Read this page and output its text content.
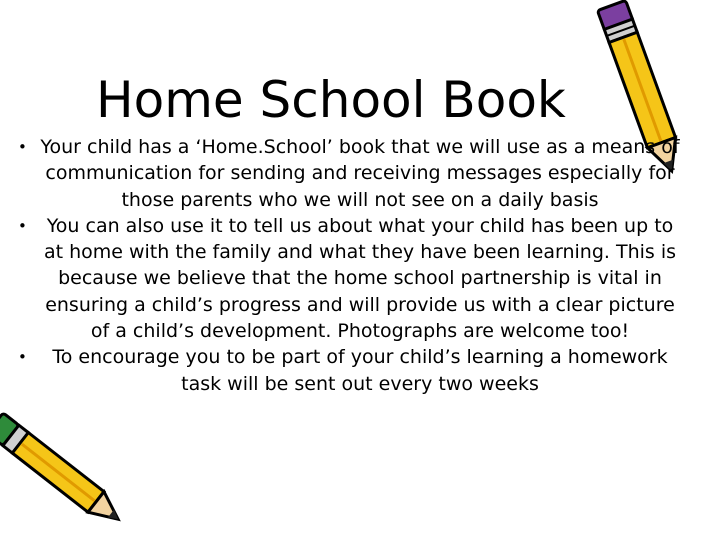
Home School Book
• Your child has a ‘Home.School’ book that we will use as a means of communication for sending and receiving messages especially for those parents who we will not see on a daily basis
• You can also use it to tell us about what your child has been up to at home with the family and what they have been learning. This is because we believe that the home school partnership is vital in ensuring a child’s progress and will provide us with a clear picture of a child’s development. Photographs are welcome too!
• To encourage you to be part of your child’s learning a homework task will be sent out every two weeks
